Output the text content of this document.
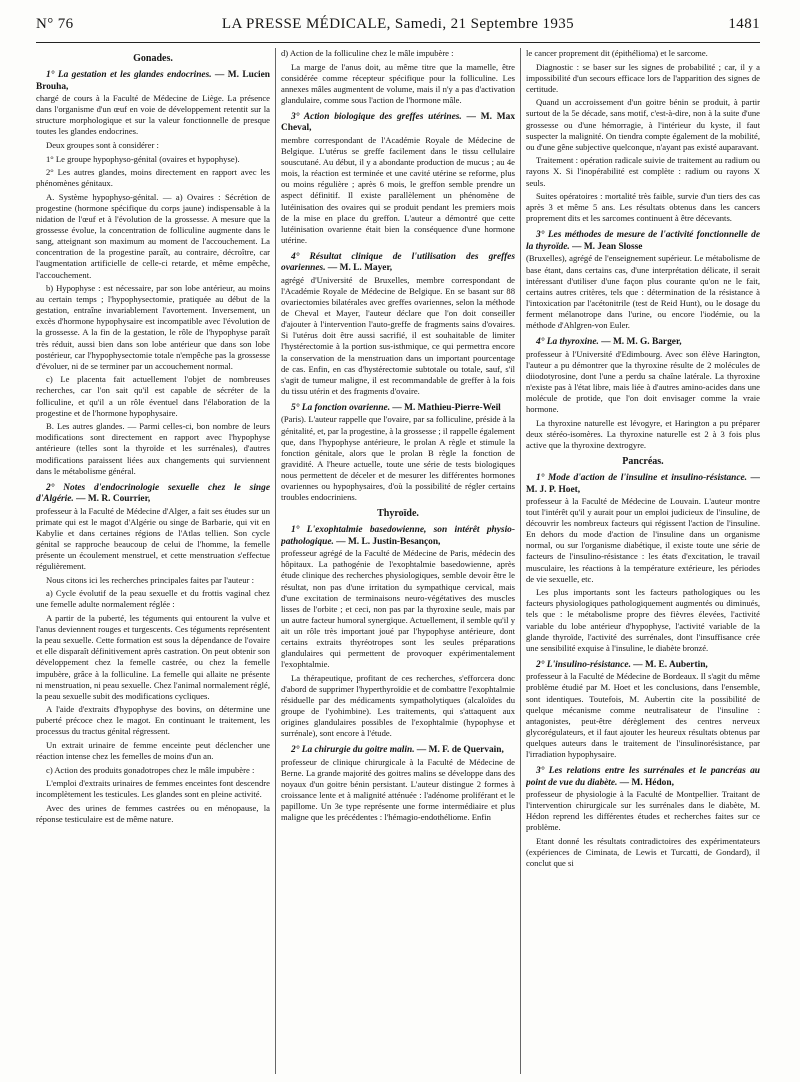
N° 76	LA PRESSE MÉDICALE, Samedi, 21 Septembre 1935	1481
Gonades.
1° La gestation et les glandes endocrines. — M. Lucien Brouha,

chargé de cours à la Faculté de Médecine de Liège. La présence dans l'organisme d'un œuf en voie de développement retentit sur la structure morphologique et sur la valeur fonctionnelle de presque toutes les glandes endocrines.

Deux groupes sont à considérer :

1° Le groupe hypophyso-génital (ovaires et hypophyse).

2° Les autres glandes, moins directement en rapport avec les phénomènes génitaux.

A. Système hypophyso-génital. — a) Ovaires : Sécrétion de progestine (hormone spécifique du corps jaune) indispensable à la nidation de l'œuf et à l'évolution de la grossesse. A mesure que la grossesse évolue, la concentration de folliculine augmente dans le sang, atteignant son maximum au moment de l'accouchement. La concentration de la progestine paraît, au contraire, décroître, car l'augmentation artificielle de celle-ci retarde, et même empêche, l'accouchement.

b) Hypophyse : est nécessaire, par son lobe antérieur, au moins au certain temps ; l'hypophysectomie, pratiquée au début de la gestation, entraîne invariablement l'avortement. Inversement, un excès d'hormone hypophysaire est incompatible avec l'évolution de la grossesse. A la fin de la gestation, le rôle de l'hypophyse paraît très réduit, aussi bien dans son lobe antérieur que dans son lobe postérieur, car l'hypophysectomie totale n'empêche pas la grossesse d'évoluer, ni de se terminer par un accouchement normal.

c) Le placenta fait actuellement l'objet de nombreuses recherches, car l'on sait qu'il est capable de sécréter de la folliculine, et qu'il a un rôle éventuel dans l'élaboration de la progestine et de l'hormone hypophysaire.

B. Les autres glandes. — Parmi celles-ci, bon nombre de leurs modifications sont directement en rapport avec l'hypophyse antérieure (telles sont la thyroïde et les surrénales), d'autres modifications paraissent liées aux changements qui surviennent dans le métabolisme général.

2° Notes d'endocrinologie sexuelle chez le singe d'Algérie. — M. R. Courrier,

professeur à la Faculté de Médecine d'Alger, a fait ses études sur un primate qui est le magot d'Algérie ou singe de Barbarie, qui vit en Kabylie et dans certaines régions de l'Atlas tellien. Son cycle génital se rapproche beaucoup de celui de l'homme, la femelle présente un écoulement menstruel, et cette menstruation s'effectue régulièrement.

Nous citons ici les recherches principales faites par l'auteur :

a) Cycle évolutif de la peau sexuelle et du frottis vaginal chez une femelle adulte normalement réglée :

A partir de la puberté, les téguments qui entourent la vulve et l'anus deviennent rouges et turgescents. Ces téguments représentent la peau sexuelle. Cette formation est sous la dépendance de l'ovaire et elle disparaît définitivement après castration. On peut obtenir son développement chez la femelle castrée, ou chez la femelle impubère, grâce à la folliculine. La femelle qui allaite ne présente ni menstruation, ni peau sexuelle. Chez l'animal normalement réglé, la peau sexuelle subit des modifications cycliques.

A l'aide d'extraits d'hypophyse des bovins, on détermine une puberté précoce chez le magot. En continuant le traitement, les processus du tractus génital régressent.

Un extrait urinaire de femme enceinte peut déclencher une réaction intense chez les femelles de moins d'un an.

c) Action des produits gonadotropes chez le mâle impubère :

L'emploi d'extraits urinaires de femmes enceintes font descendre incomplètement les testicules. Les glandes sont en pleine activité.

Avec des urines de femmes castrées ou en ménopause, la réponse testiculaire est de même nature.

d) Action de la folliculine chez le mâle impubère :

La marge de l'anus doit, au même titre que la mamelle, être considérée comme récepteur spécifique pour la folliculine. Les annexes mâles augmentent de volume, mais il n'y a pas d'activation glandulaire, comme sous l'action de l'hormone mâle.

3° Action biologique des greffes utérines. — M. Max Cheval,

membre correspondant de l'Académie Royale de Médecine de Belgique. L'utérus se greffe facilement dans le tissu cellulaire souscutané. Au début, il y a abondante production de mucus ; au 4e mois, la réaction est terminée et une cavité utérine se reforme, plus ou moins régulière ; après 6 mois, le greffon semble prendre un aspect définitif. Il existe parallèlement un phénomène de lutéinisation des ovaires qui se produit pendant les premiers mois de la mise en place du greffon. L'auteur a démontré que cette lutéinisation ovarienne était bien la conséquence d'une hormone utérine.

4° Résultat clinique de l'utilisation des greffes ovariennes. — M. L. Mayer,

agrégé d'Université de Bruxelles, membre correspondant de l'Académie Royale de Médecine de Belgique. En se basant sur 88 ovariectomies bilatérales avec greffes ovariennes, selon la méthode de Cheval et Mayer, l'auteur déclare que l'on doit conseiller d'ajouter à l'intervention l'auto-greffe de fragments sains d'ovaires. Si l'utérus doit être aussi sacrifié, il est souhaitable de limiter l'hystérectomie à la portion sus-isthmique, ce qui permettra encore la conservation de la menstruation dans un important pourcentage de cas. Enfin, en cas d'hystérectomie subtotale ou totale, sauf, s'il s'agit de tumeur maligne, il est recommandable de greffer à la fois du tissu utérin et des fragments d'ovaire.

5° La fonction ovarienne. — M. Mathieu-Pierre-Weil

(Paris). L'auteur rappelle que l'ovaire, par sa folliculine, préside à la génitalité, et, par la progestine, à la grossesse ; il rappelle également que, dans l'hypophyse antérieure, le prolan A règle et stimule la fonction génitale, alors que le prolan B règle la fonction de gravidité. A l'heure actuelle, toute une série de tests biologiques nous permettent de déceler et de mesurer les différentes hormones ovariennes ou hypophysaires, d'où la possibilité de régler certains troubles endocriniens.

Thyroïde.
1° L'exophtalmie basedowienne, son intérêt physio-pathologique. — M. L. Justin-Besançon,

professeur agrégé de la Faculté de Médecine de Paris, médecin des hôpitaux. La pathogénie de l'exophtalmie basedowienne, après étude clinique des recherches physiologiques, semble devoir être le résultat, non pas d'une irritation du sympathique cervical, mais d'une excitation de terminaisons neuro-végétatives des muscles lisses de l'orbite ; et ceci, non pas par la thyroxine seule, mais par un autre facteur humoral synergique. Actuellement, il semble qu'il y ait un rôle très important joué par l'hypophyse antérieure, dont certains extraits thyréotropes sont les seules préparations glandulaires qui permettent de provoquer expérimentalement l'exophtalmie.

La thérapeutique, profitant de ces recherches, s'efforcera donc d'abord de supprimer l'hyperthyroïdie et de combattre l'exophtalmie résiduelle par des médicaments sympatholytiques (alcaloïdes du groupe de l'yohimbine). Les traitements, qui s'attaquent aux origines glandulaires possibles de l'exophtalmie (hypophyse et surrénale), sont encore à l'étude.

2° La chirurgie du goitre malin. — M. F. de Quervain,

professeur de clinique chirurgicale à la Faculté de Médecine de Berne. La grande majorité des goitres malins se développe dans des noyaux d'un goitre bénin persistant. L'auteur distingue 2 formes à croissance lente et à malignité atténuée : l'adénome proliférant et le papillome. Un 3e type représente une forme intermédiaire et plus maligne que les précédentes : l'hémagio-endothéliome. Enfin

le cancer proprement dit (épithélioma) et le sarcome.

Diagnostic : se baser sur les signes de probabilité ; car, il y a impossibilité d'un secours efficace lors de l'apparition des signes de certitude.

Quand un accroissement d'un goitre bénin se produit, à partir surtout de la 5e décade, sans motif, c'est-à-dire, non à la suite d'une grossesse ou d'une hémorragie, à l'intérieur du kyste, il faut suspecter la malignité. On tiendra compte également de la mobilité, ou d'une gêne subjective quelconque, n'ayant pas existé auparavant.

Traitement : opération radicale suivie de traitement au radium ou rayons X. Si l'inopérabilité est complète : radium ou rayons X seuls.

Suites opératoires : mortalité très faible, survie d'un tiers des cas après 3 et même 5 ans. Les résultats obtenus dans les cancers proprement dits et les sarcomes continuent à être décevants.

3° Les méthodes de mesure de l'activité fonctionnelle de la thyroïde. — M. Jean Slosse

(Bruxelles), agrégé de l'enseignement supérieur. Le métabolisme de base étant, dans certains cas, d'une interprétation délicate, il serait intéressant d'utiliser d'une façon plus courante qu'on ne le fait, certains autres critères, tels que : détermination de la résistance à l'intoxication par l'acétonitrile (test de Reid Hunt), ou le dosage du ferment mélanotrope dans l'urine, ou encore l'iodémie, ou la méthode d'Ahlgren-von Euler.

4° La thyroxine. — M. M. G. Barger,

professeur à l'Université d'Edimbourg. Avec son élève Harington, l'auteur a pu démontrer que la thyroxine résulte de 2 molécules de diiodotyrosine, dont l'une a perdu sa chaîne latérale. La thyroxine n'existe pas à l'état libre, mais liée à d'autres amino-acides dans une molécule de protide, que l'on doit envisager comme la vraie hormone.

La thyroxine naturelle est lévogyre, et Harington a pu préparer deux stéréo-isomères. La thyroxine naturelle est 2 à 3 fois plus active que la thyroxine dextrogyre.

Pancréas.
1° Mode d'action de l'insuline et insulino-résistance. — M. J. P. Hoet,

professeur à la Faculté de Médecine de Louvain. L'auteur montre tout l'intérêt qu'il y aurait pour un emploi judicieux de l'insuline, de découvrir les nombreux facteurs qui régissent l'action de l'insuline. En dehors du mode d'action de l'insuline dans un organisme normal, ou sur l'organisme diabétique, il existe toute une série de facteurs de l'insulino-résistance : les états d'excitation, le travail musculaire, les réactions à la température extérieure, les périodes de vie sexuelle, etc.

Les plus importants sont les facteurs pathologiques ou les facteurs physiologiques pathologiquement augmentés ou diminués, tels que : le métabolisme propre des fièvres élevées, l'activité variable du lobe antérieur d'hypophyse, l'activité variable de la glande thyroïde, l'activité des surrénales, dont l'insuffisance crée une sensibilité exquise à l'insuline, le diabète bronzé.

2° L'insulino-résistance. — M. E. Aubertin,

professeur à la Faculté de Médecine de Bordeaux. Il s'agit du même problème étudié par M. Hoet et les conclusions, dans l'ensemble, sont identiques. Toutefois, M. Aubertin cite la possibilité de quelque mécanisme comme neutralisateur de l'insuline : antagonistes, peut-être dérèglement des centres nerveux glycorégulateurs, et il faut ajouter les heureux résultats obtenus par quelques auteurs dans le traitement de l'insulinorésistance, par l'irradiation hypophysaire.

3° Les relations entre les surrénales et le pancréas au point de vue du diabète. — M. Hédon,

professeur de physiologie à la Faculté de Montpellier. Traitant de l'intervention chirurgicale sur les surrénales dans le diabète, M. Hédon reprend les différentes études et recherches faites sur ce problème.

Etant donné les résultats contradictoires des expérimentateurs (expériences de Ciminata, de Lewis et Turcatti, de Gondard), il conclut que si
